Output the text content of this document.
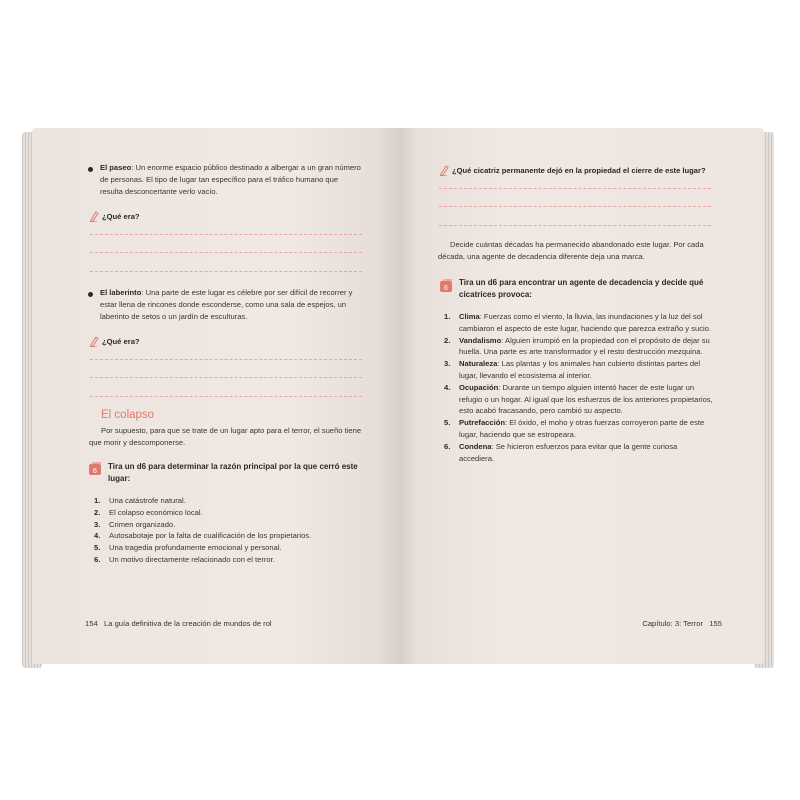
El paseo: Un enorme espacio público destinado a albergar a un gran número de personas. El tipo de lugar tan específico para el tráfico humano que resulta desconcertante verlo vacío.
¿Qué era?
El laberinto: Una parte de este lugar es célebre por ser difícil de recorrer y estar llena de rincones donde esconderse, como una sala de espejos, un laberinto de setos o un jardín de esculturas.
¿Qué era?
El colapso
Por supuesto, para que se trate de un lugar apto para el terror, el sueño tiene que morir y descomponerse.
6
Tira un d6 para determinar la razón principal por la que cerró este lugar:
1. Una catástrofe natural.
2. El colapso económico local.
3. Crimen organizado.
4. Autosabotaje por la falta de cualificación de los propietarios.
5. Una tragedia profundamente emocional y personal.
6. Un motivo directamente relacionado con el terror.
154 La guía definitiva de la creación de mundos de rol
¿Qué cicatriz permanente dejó en la propiedad el cierre de este lugar?
Decide cuántas décadas ha permanecido abandonado este lugar. Por cada década, una agente de decadencia diferente deja una marca.
6
Tira un d6 para encontrar un agente de decadencia y decide qué cicatrices provoca:
1. Clima: Fuerzas como el viento, la lluvia, las inundaciones y la luz del sol cambiaron el aspecto de este lugar, haciendo que parezca extraño y sucio.
2. Vandalismo: Alguien irrumpió en la propiedad con el propósito de dejar su huella. Una parte es arte transformador y el resto destrucción mezquina.
3. Naturaleza: Las plantas y los animales han cubierto distintas partes del lugar, llevando el ecosistema al interior.
4. Ocupación: Durante un tiempo alguien intentó hacer de este lugar un refugio o un hogar. Al igual que los esfuerzos de los anteriores propietarios, esto acabó fracasando, pero cambió su aspecto.
5. Putrefacción: El óxido, el moho y otras fuerzas corroyeron parte de este lugar, haciendo que se estropeara.
6. Condena: Se hicieron esfuerzos para evitar que la gente curiosa accediera.
Capítulo: 3: Terror 155
